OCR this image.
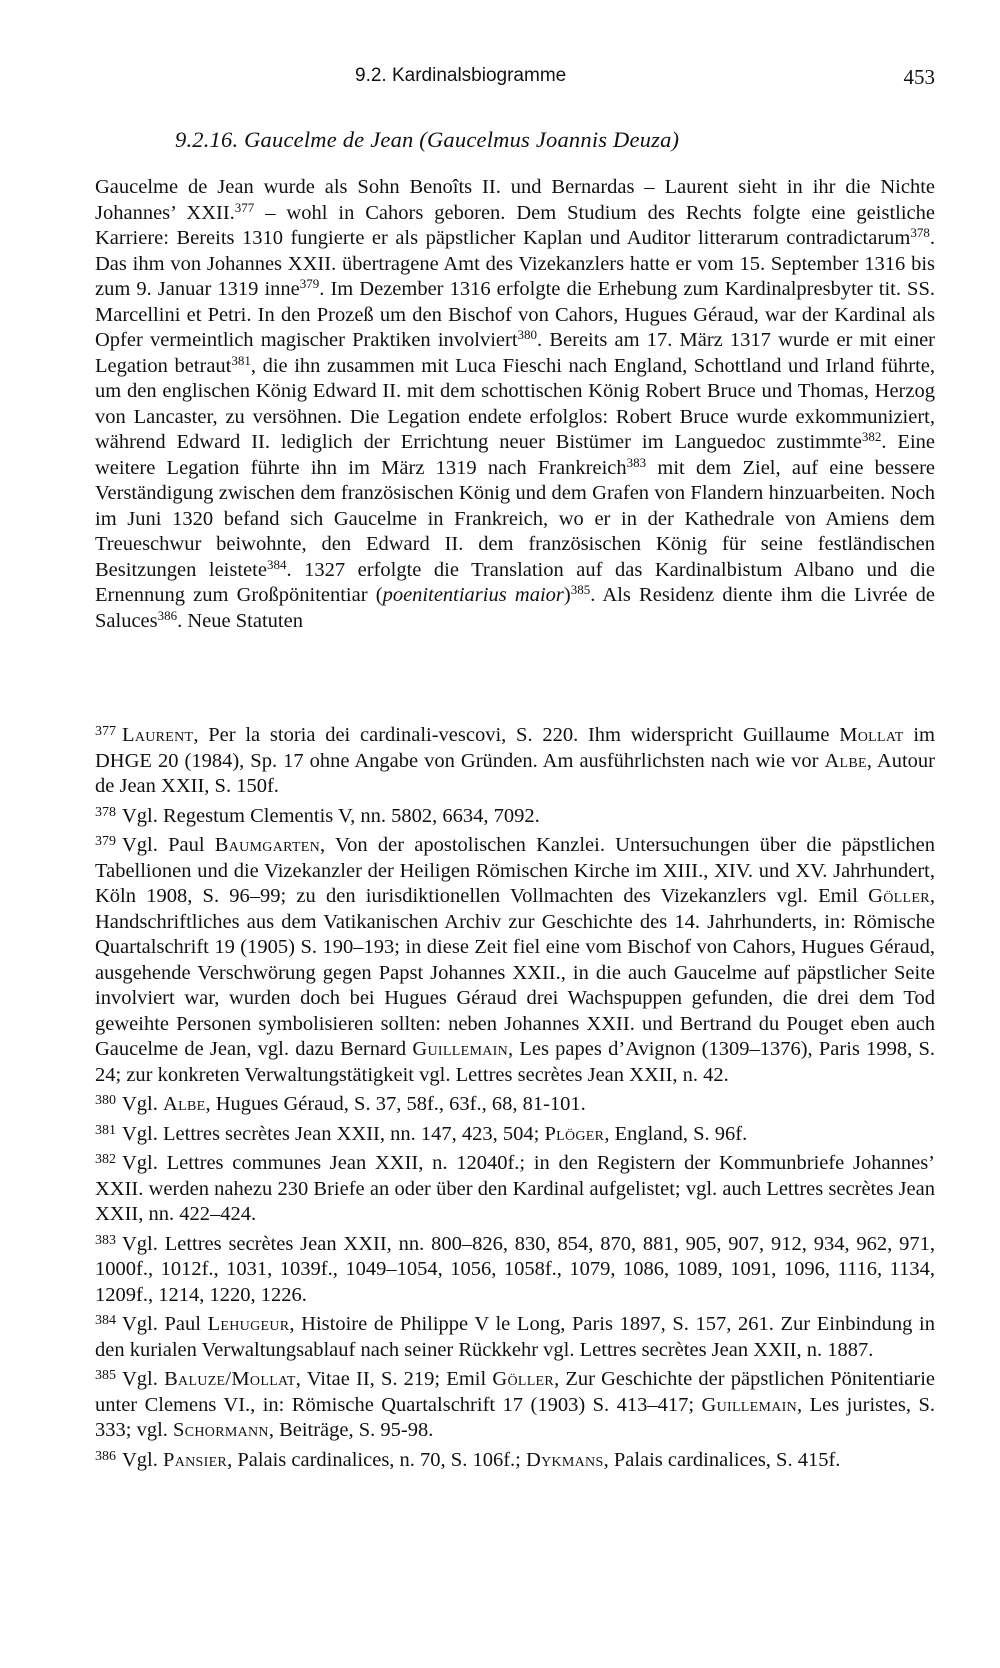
9.2. Kardinalsbiogramme	453
9.2.16. Gaucelme de Jean (Gaucelmus Joannis Deuza)

Gaucelme de Jean wurde als Sohn Benoîts II. und Bernardas – Laurent sieht in ihr die Nichte Johannes’ XXII.$^{377}$ – wohl in Cahors geboren. Dem Studium des Rechts folgte eine geistliche Karriere: Bereits 1310 fungierte er als päpstlicher Kaplan und Auditor litterarum contradictarum$^{378}$. Das ihm von Johannes XXII. übertragene Amt des Vizekanzlers hatte er vom 15. September 1316 bis zum 9. Januar 1319 inne$^{379}$. Im Dezember 1316 erfolgte die Erhebung zum Kardinalpresbyter tit. SS. Marcellini et Petri. In den Prozeß um den Bischof von Cahors, Hugues Géraud, war der Kardinal als Opfer vermeintlich magischer Praktiken involviert$^{380}$. Bereits am 17. März 1317 wurde er mit einer Legation betraut$^{381}$, die ihn zusammen mit Luca Fieschi nach England, Schottland und Irland führte, um den englischen König Edward II. mit dem schottischen König Robert Bruce und Thomas, Herzog von Lancaster, zu versöhnen. Die Legation endete erfolglos: Robert Bruce wurde exkommuniziert, während Edward II. lediglich der Errichtung neuer Bistümer im Languedoc zustimmte$^{382}$. Eine weitere Legation führte ihn im März 1319 nach Frankreich$^{383}$ mit dem Ziel, auf eine bessere Verständigung zwischen dem französischen König und dem Grafen von Flandern hinzuarbeiten. Noch im Juni 1320 befand sich Gaucelme in Frankreich, wo er in der Kathedrale von Amiens dem Treueschwur beiwohnte, den Edward II. dem französischen König für seine festländischen Besitzungen leistete$^{384}$. 1327 erfolgte die Translation auf das Kardinalbistum Albano und die Ernennung zum Großpönitentiar (poenitentiarius maior)$^{385}$. Als Residenz diente ihm die Livrée de Saluces$^{386}$. Neue Statuten

$^{377}$ Laurent, Per la storia dei cardinali-vescovi, S. 220. Ihm widerspricht Guillaume Mollat im DHGE 20 (1984), Sp. 17 ohne Angabe von Gründen. Am ausführlichsten nach wie vor Albe, Autour de Jean XXII, S. 150f.

$^{378}$ Vgl. Regestum Clementis V, nn. 5802, 6634, 7092.

$^{379}$ Vgl. Paul Baumgarten, Von der apostolischen Kanzlei. Untersuchungen über die päpstlichen Tabellionen und die Vizekanzler der Heiligen Römischen Kirche im XIII., XIV. und XV. Jahrhundert, Köln 1908, S. 96–99; zu den iurisdiktionellen Vollmachten des Vizekanzlers vgl. Emil Göller, Handschriftliches aus dem Vatikanischen Archiv zur Geschichte des 14. Jahrhunderts, in: Römische Quartalschrift 19 (1905) S. 190–193; in diese Zeit fiel eine vom Bischof von Cahors, Hugues Géraud, ausgehende Verschwörung gegen Papst Johannes XXII., in die auch Gaucelme auf päpstlicher Seite involviert war, wurden doch bei Hugues Géraud drei Wachspuppen gefunden, die drei dem Tod geweihte Personen symbolisieren sollten: neben Johannes XXII. und Bertrand du Pouget eben auch Gaucelme de Jean, vgl. dazu Bernard Guillemain, Les papes d’Avignon (1309–1376), Paris 1998, S. 24; zur konkreten Verwaltungstätigkeit vgl. Lettres secrètes Jean XXII, n. 42.

$^{380}$ Vgl. Albe, Hugues Géraud, S. 37, 58f., 63f., 68, 81-101.

$^{381}$ Vgl. Lettres secrètes Jean XXII, nn. 147, 423, 504; Plöger, England, S. 96f.

$^{382}$ Vgl. Lettres communes Jean XXII, n. 12040f.; in den Registern der Kommunbriefe Johannes’ XXII. werden nahezu 230 Briefe an oder über den Kardinal aufgelistet; vgl. auch Lettres secrètes Jean XXII, nn. 422–424.

$^{383}$ Vgl. Lettres secrètes Jean XXII, nn. 800–826, 830, 854, 870, 881, 905, 907, 912, 934, 962, 971, 1000f., 1012f., 1031, 1039f., 1049–1054, 1056, 1058f., 1079, 1086, 1089, 1091, 1096, 1116, 1134, 1209f., 1214, 1220, 1226.

$^{384}$ Vgl. Paul Lehugeur, Histoire de Philippe V le Long, Paris 1897, S. 157, 261. Zur Einbindung in den kurialen Verwaltungsablauf nach seiner Rückkehr vgl. Lettres secrètes Jean XXII, n. 1887.

$^{385}$ Vgl. Baluze/Mollat, Vitae II, S. 219; Emil Göller, Zur Geschichte der päpstlichen Pönitentiarie unter Clemens VI., in: Römische Quartalschrift 17 (1903) S. 413–417; Guillemain, Les juristes, S. 333; vgl. Schormann, Beiträge, S. 95-98.

$^{386}$ Vgl. Pansier, Palais cardinalices, n. 70, S. 106f.; Dykmans, Palais cardinalices, S. 415f.
